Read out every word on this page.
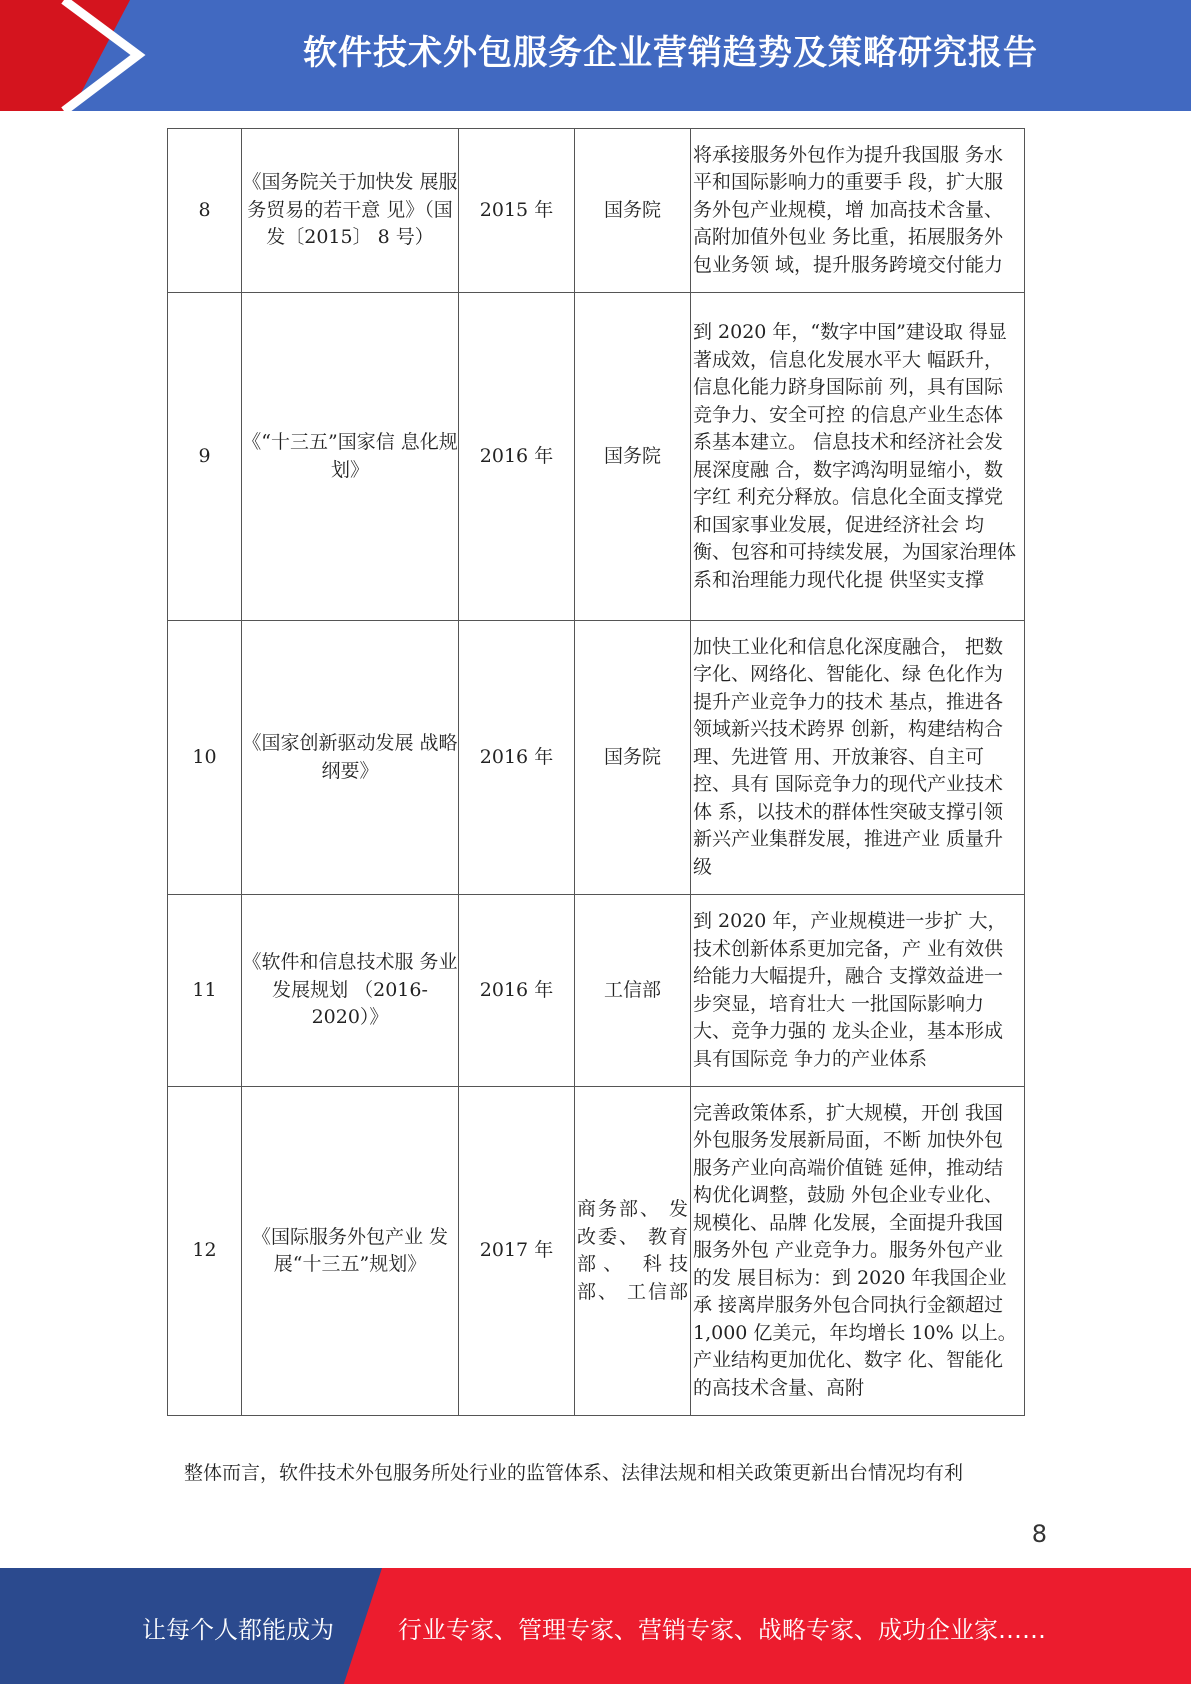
软件技术外包服务企业营销趋势及策略研究报告
8	《国务院关于加快发 展服务贸易的若干意 见》（国发〔2015〕 8 号）	2015 年	国务院	将承接服务外包作为提升我国服 务水平和国际影响力的重要手 段，扩大服务外包产业规模，增 加高技术含量、高附加值外包业 务比重，拓展服务外包业务领 域，提升服务跨境交付能力
9	《“十三五”国家信 息化规划》	2016 年	国务院	到 2020 年，“数字中国”建设取 得显著成效，信息化发展水平大 幅跃升，信息化能力跻身国际前 列，具有国际竞争力、安全可控 的信息产业生态体系基本建立。 信息技术和经济社会发展深度融 合，数字鸿沟明显缩小，数字红 利充分释放。信息化全面支撑党 和国家事业发展，促进经济社会 均衡、包容和可持续发展，为国家治理体系和治理能力现代化提 供坚实支撑
10	《国家创新驱动发展 战略纲要》	2016 年	国务院	加快工业化和信息化深度融合， 把数字化、网络化、智能化、绿 色化作为提升产业竞争力的技术 基点，推进各领域新兴技术跨界 创新，构建结构合理、先进管 用、开放兼容、自主可控、具有 国际竞争力的现代产业技术体 系，以技术的群体性突破支撑引领新兴产业集群发展，推进产业 质量升级
11	《软件和信息技术服 务业发展规划 （2016-2020）》	2016 年	工信部	到 2020 年，产业规模进一步扩 大，技术创新体系更加完备，产 业有效供给能力大幅提升，融合 支撑效益进一步突显，培育壮大 一批国际影响力大、竞争力强的 龙头企业，基本形成具有国际竞 争力的产业体系
12	《国际服务外包产业 发展“十三五”规划》	2017 年	商务部、 发改委、 教育部、 科技部、 工信部	完善政策体系，扩大规模，开创 我国外包服务发展新局面，不断 加快外包服务产业向高端价值链 延伸，推动结构优化调整，鼓励 外包企业专业化、规模化、品牌 化发展，全面提升我国服务外包 产业竞争力。服务外包产业的发 展目标为：到 2020 年我国企业承 接离岸服务外包合同执行金额超过 1,000 亿美元，年均增长 10% 以上。产业结构更加优化、数字 化、智能化的高技术含量、高附
整体而言，软件技术外包服务所处行业的监管体系、法律法规和相关政策更新出台情况均有利
8
让每个人都能成为	行业专家、管理专家、营销专家、战略专家、成功企业家……
